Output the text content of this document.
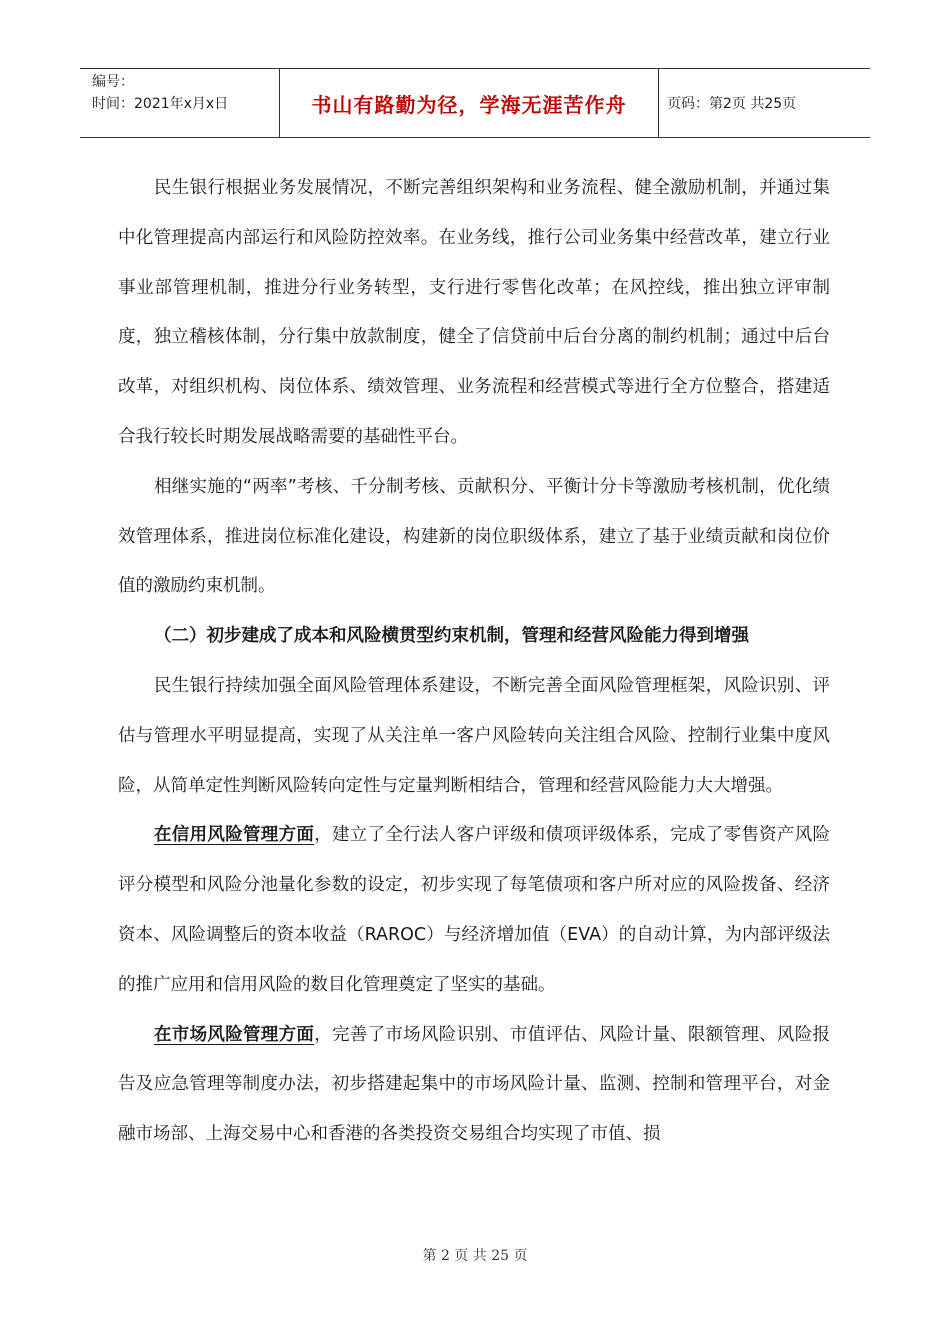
编号：
时间：2021年x月x日	书山有路勤为径，学海无涯苦作舟	页码：第2页 共25页

民生银行根据业务发展情况，不断完善组织架构和业务流程、健全激励机制，并通过集中化管理提高内部运行和风险防控效率。在业务线，推行公司业务集中经营改革，建立行业事业部管理机制，推进分行业务转型，支行进行零售化改革；在风控线，推出独立评审制度，独立稽核体制，分行集中放款制度，健全了信贷前中后台分离的制约机制；通过中后台改革，对组织机构、岗位体系、绩效管理、业务流程和经营模式等进行全方位整合，搭建适合我行较长时期发展战略需要的基础性平台。

相继实施的“两率”考核、千分制考核、贡献积分、平衡计分卡等激励考核机制，优化绩效管理体系，推进岗位标准化建设，构建新的岗位职级体系，建立了基于业绩贡献和岗位价值的激励约束机制。

（二）初步建成了成本和风险横贯型约束机制，管理和经营风险能力得到增强

民生银行持续加强全面风险管理体系建设，不断完善全面风险管理框架，风险识别、评估与管理水平明显提高，实现了从关注单一客户风险转向关注组合风险、控制行业集中度风险，从简单定性判断风险转向定性与定量判断相结合，管理和经营风险能力大大增强。

在信用风险管理方面，建立了全行法人客户评级和债项评级体系，完成了零售资产风险评分模型和风险分池量化参数的设定，初步实现了每笔债项和客户所对应的风险拨备、经济资本、风险调整后的资本收益（RAROC）与经济增加值（EVA）的自动计算，为内部评级法的推广应用和信用风险的数目化管理奠定了坚实的基础。

在市场风险管理方面，完善了市场风险识别、市值评估、风险计量、限额管理、风险报告及应急管理等制度办法，初步搭建起集中的市场风险计量、监测、控制和管理平台，对金融市场部、上海交易中心和香港的各类投资交易组合均实现了市值、损

第 2 页 共 25 页
